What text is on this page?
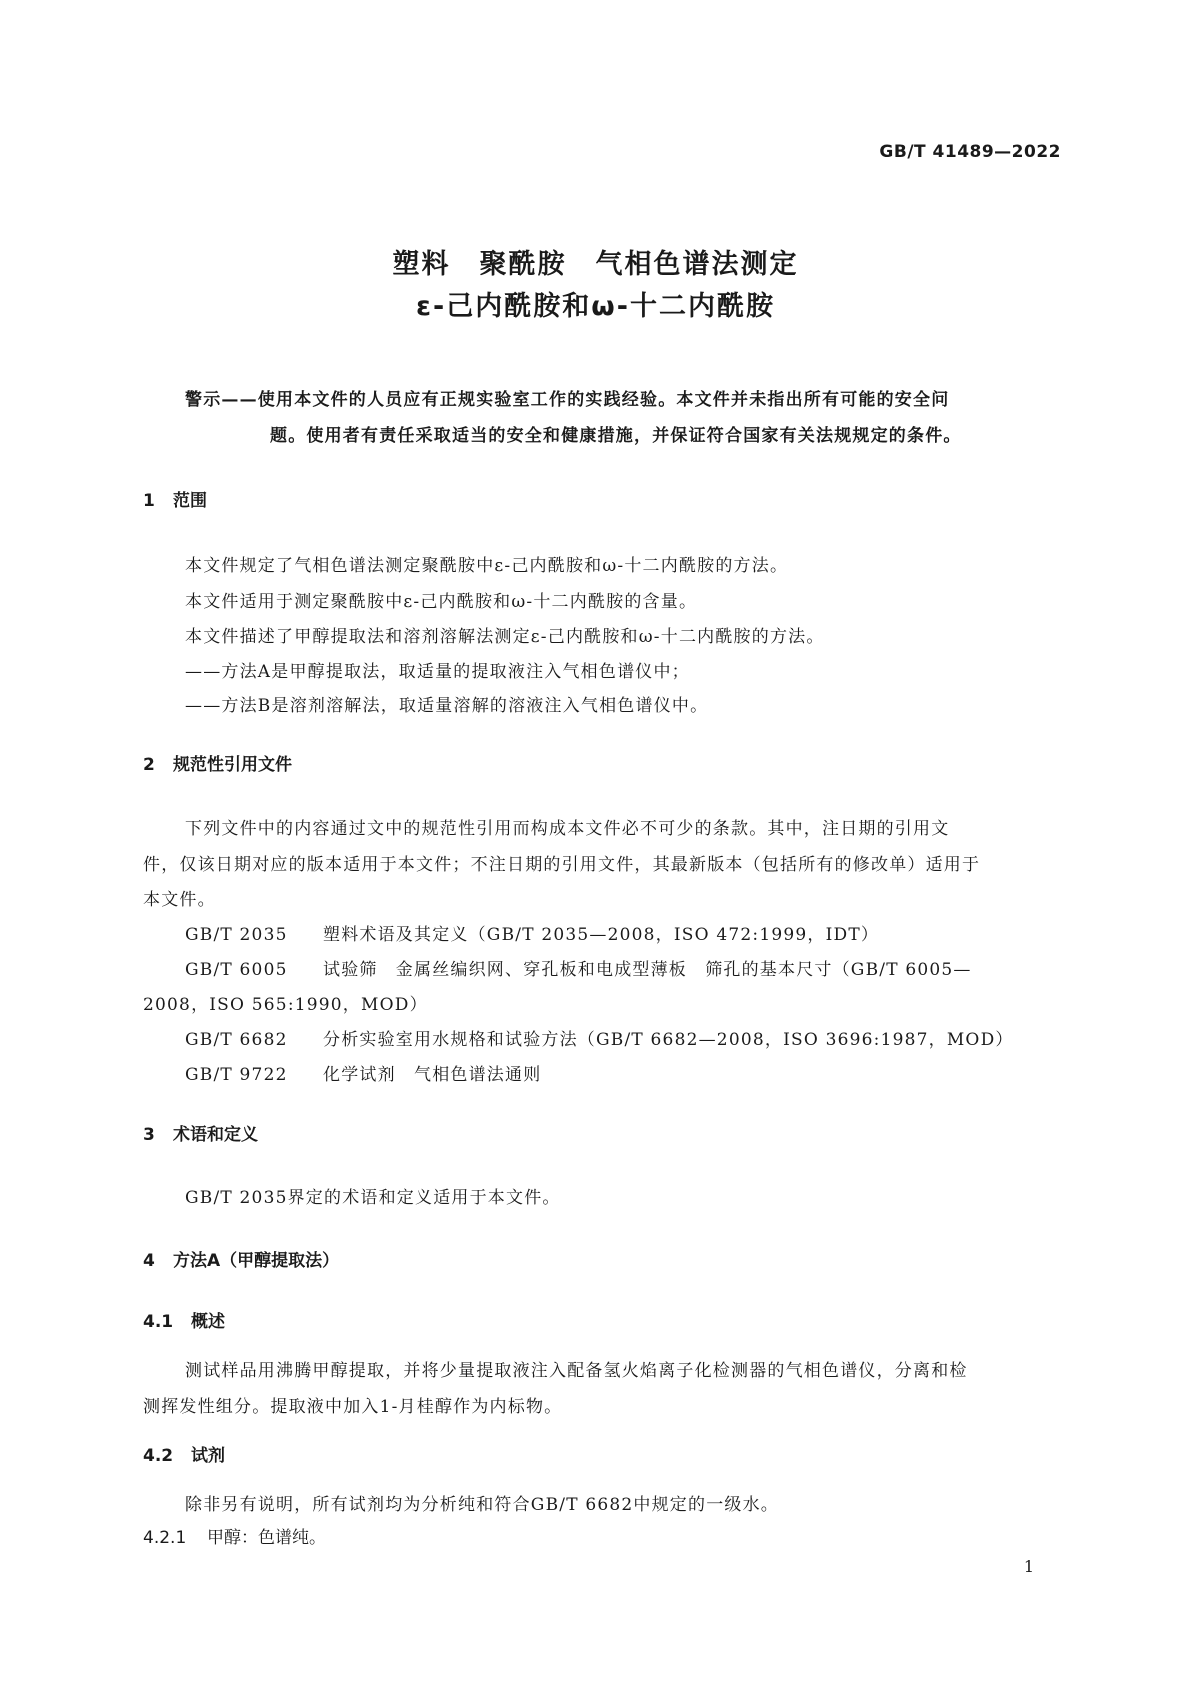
GB/T 41489—2022
塑料　聚酰胺　气相色谱法测定
ε-己内酰胺和ω-十二内酰胺
警示——使用本文件的人员应有正规实验室工作的实践经验。本文件并未指出所有可能的安全问
题。使用者有责任采取适当的安全和健康措施，并保证符合国家有关法规规定的条件。
1 范围
本文件规定了气相色谱法测定聚酰胺中ε-己内酰胺和ω-十二内酰胺的方法。
本文件适用于测定聚酰胺中ε-己内酰胺和ω-十二内酰胺的含量。
本文件描述了甲醇提取法和溶剂溶解法测定ε-己内酰胺和ω-十二内酰胺的方法。
——方法A是甲醇提取法，取适量的提取液注入气相色谱仪中；
——方法B是溶剂溶解法，取适量溶解的溶液注入气相色谱仪中。
2 规范性引用文件
下列文件中的内容通过文中的规范性引用而构成本文件必不可少的条款。其中，注日期的引用文
件，仅该日期对应的版本适用于本文件；不注日期的引用文件，其最新版本（包括所有的修改单）适用于
本文件。
GB/T 2035 塑料术语及其定义（GB/T 2035—2008，ISO 472:1999，IDT）
GB/T 6005 试验筛　金属丝编织网、穿孔板和电成型薄板　筛孔的基本尺寸（GB/T 6005—
2008，ISO 565:1990，MOD）
GB/T 6682 分析实验室用水规格和试验方法（GB/T 6682—2008，ISO 3696:1987，MOD）
GB/T 9722 化学试剂　气相色谱法通则
3 术语和定义
GB/T 2035界定的术语和定义适用于本文件。
4 方法A（甲醇提取法）
4.1 概述
测试样品用沸腾甲醇提取，并将少量提取液注入配备氢火焰离子化检测器的气相色谱仪，分离和检
测挥发性组分。提取液中加入1-月桂醇作为内标物。
4.2 试剂
除非另有说明，所有试剂均为分析纯和符合GB/T 6682中规定的一级水。
4.2.1 甲醇：色谱纯。
1
